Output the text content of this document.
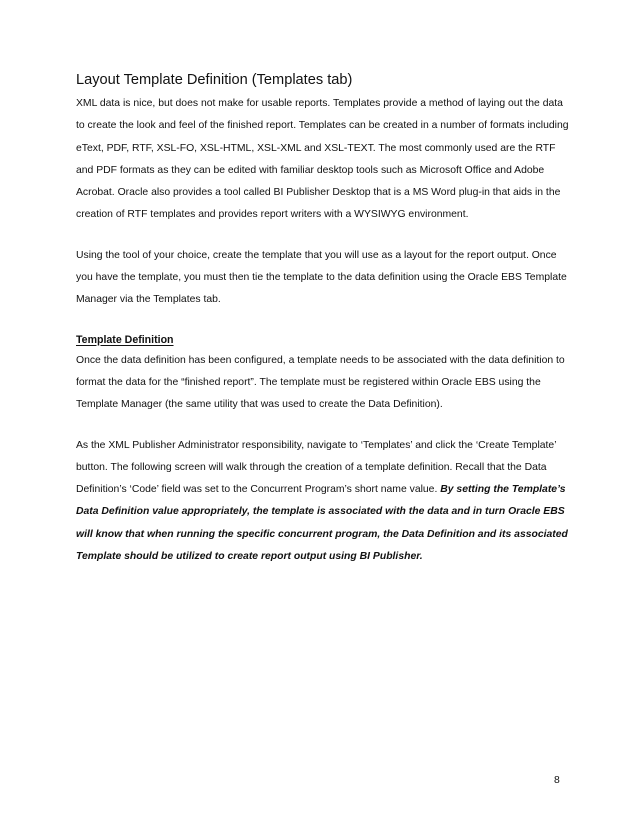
Layout Template Definition (Templates tab)

XML data is nice, but does not make for usable reports. Templates provide a method of laying out the data to create the look and feel of the finished report. Templates can be created in a number of formats including eText, PDF, RTF, XSL-FO, XSL-HTML, XSL-XML and XSL-TEXT. The most commonly used are the RTF and PDF formats as they can be edited with familiar desktop tools such as Microsoft Office and Adobe Acrobat. Oracle also provides a tool called BI Publisher Desktop that is a MS Word plug-in that aids in the creation of RTF templates and provides report writers with a WYSIWYG environment.

Using the tool of your choice, create the template that you will use as a layout for the report output. Once you have the template, you must then tie the template to the data definition using the Oracle EBS Template Manager via the Templates tab.

Template Definition

Once the data definition has been configured, a template needs to be associated with the data definition to format the data for the “finished report”. The template must be registered within Oracle EBS using the Template Manager (the same utility that was used to create the Data Definition).

As the XML Publisher Administrator responsibility, navigate to ‘Templates’ and click the ‘Create Template’ button. The following screen will walk through the creation of a template definition. Recall that the Data Definition’s ‘Code’ field was set to the Concurrent Program’s short name value. By setting the Template’s Data Definition value appropriately, the template is associated with the data and in turn Oracle EBS will know that when running the specific concurrent program, the Data Definition and its associated Template should be utilized to create report output using BI Publisher.

8
